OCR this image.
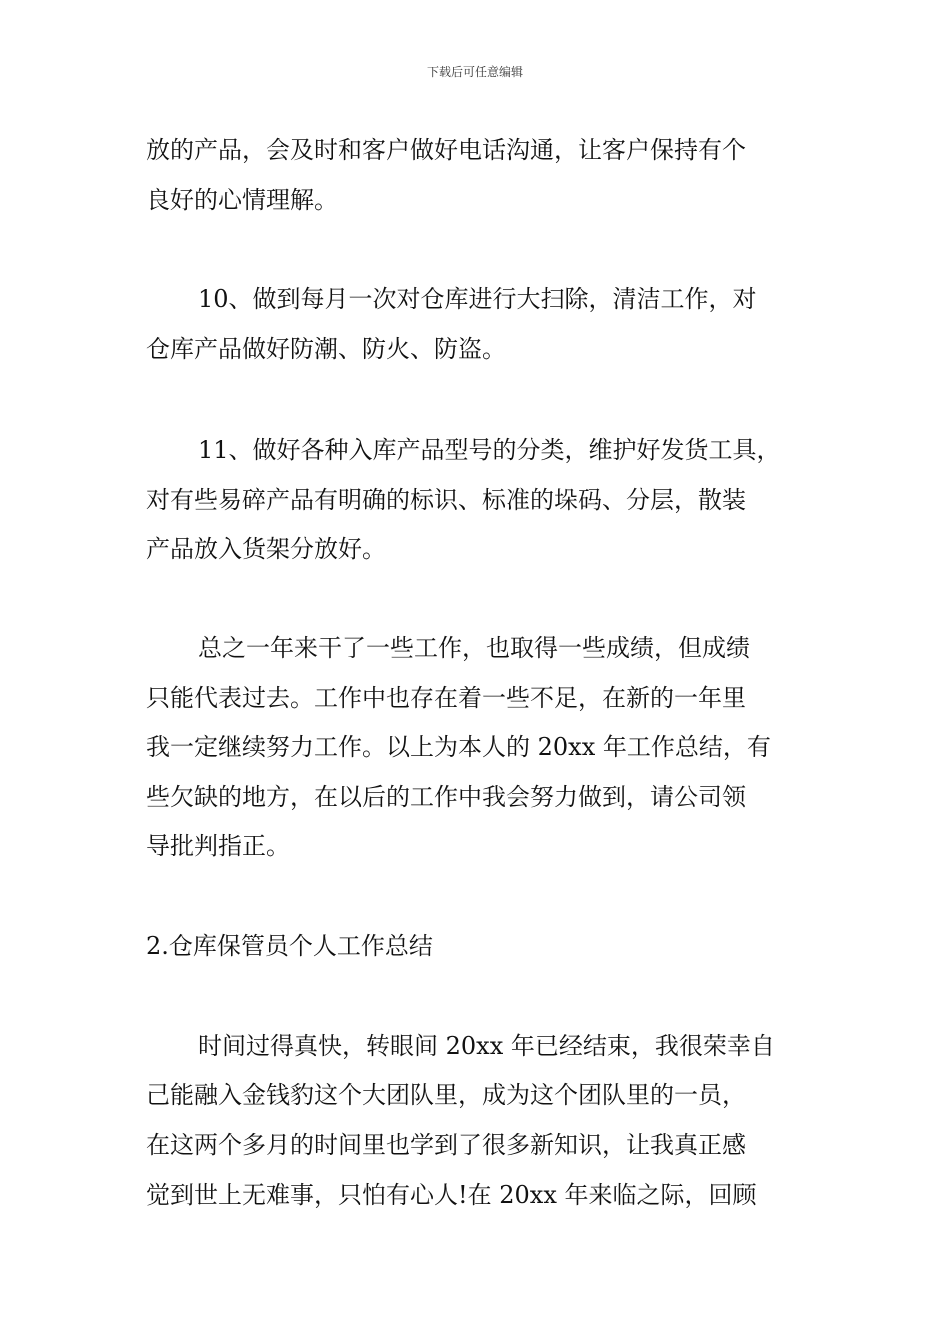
下载后可任意编辑
放的产品，会及时和客户做好电话沟通，让客户保持有个
良好的心情理解。
10、做到每月一次对仓库进行大扫除，清洁工作，对
仓库产品做好防潮、防火、防盗。
11、做好各种入库产品型号的分类，维护好发货工具，
对有些易碎产品有明确的标识、标准的垛码、分层，散装
产品放入货架分放好。
总之一年来干了一些工作，也取得一些成绩，但成绩
只能代表过去。工作中也存在着一些不足，在新的一年里
我一定继续努力工作。以上为本人的 20xx 年工作总结，有
些欠缺的地方，在以后的工作中我会努力做到，请公司领
导批判指正。
2.仓库保管员个人工作总结
时间过得真快，转眼间 20xx 年已经结束，我很荣幸自
己能融入金钱豹这个大团队里，成为这个团队里的一员，
在这两个多月的时间里也学到了很多新知识，让我真正感
觉到世上无难事，只怕有心人!在 20xx 年来临之际，回顾
